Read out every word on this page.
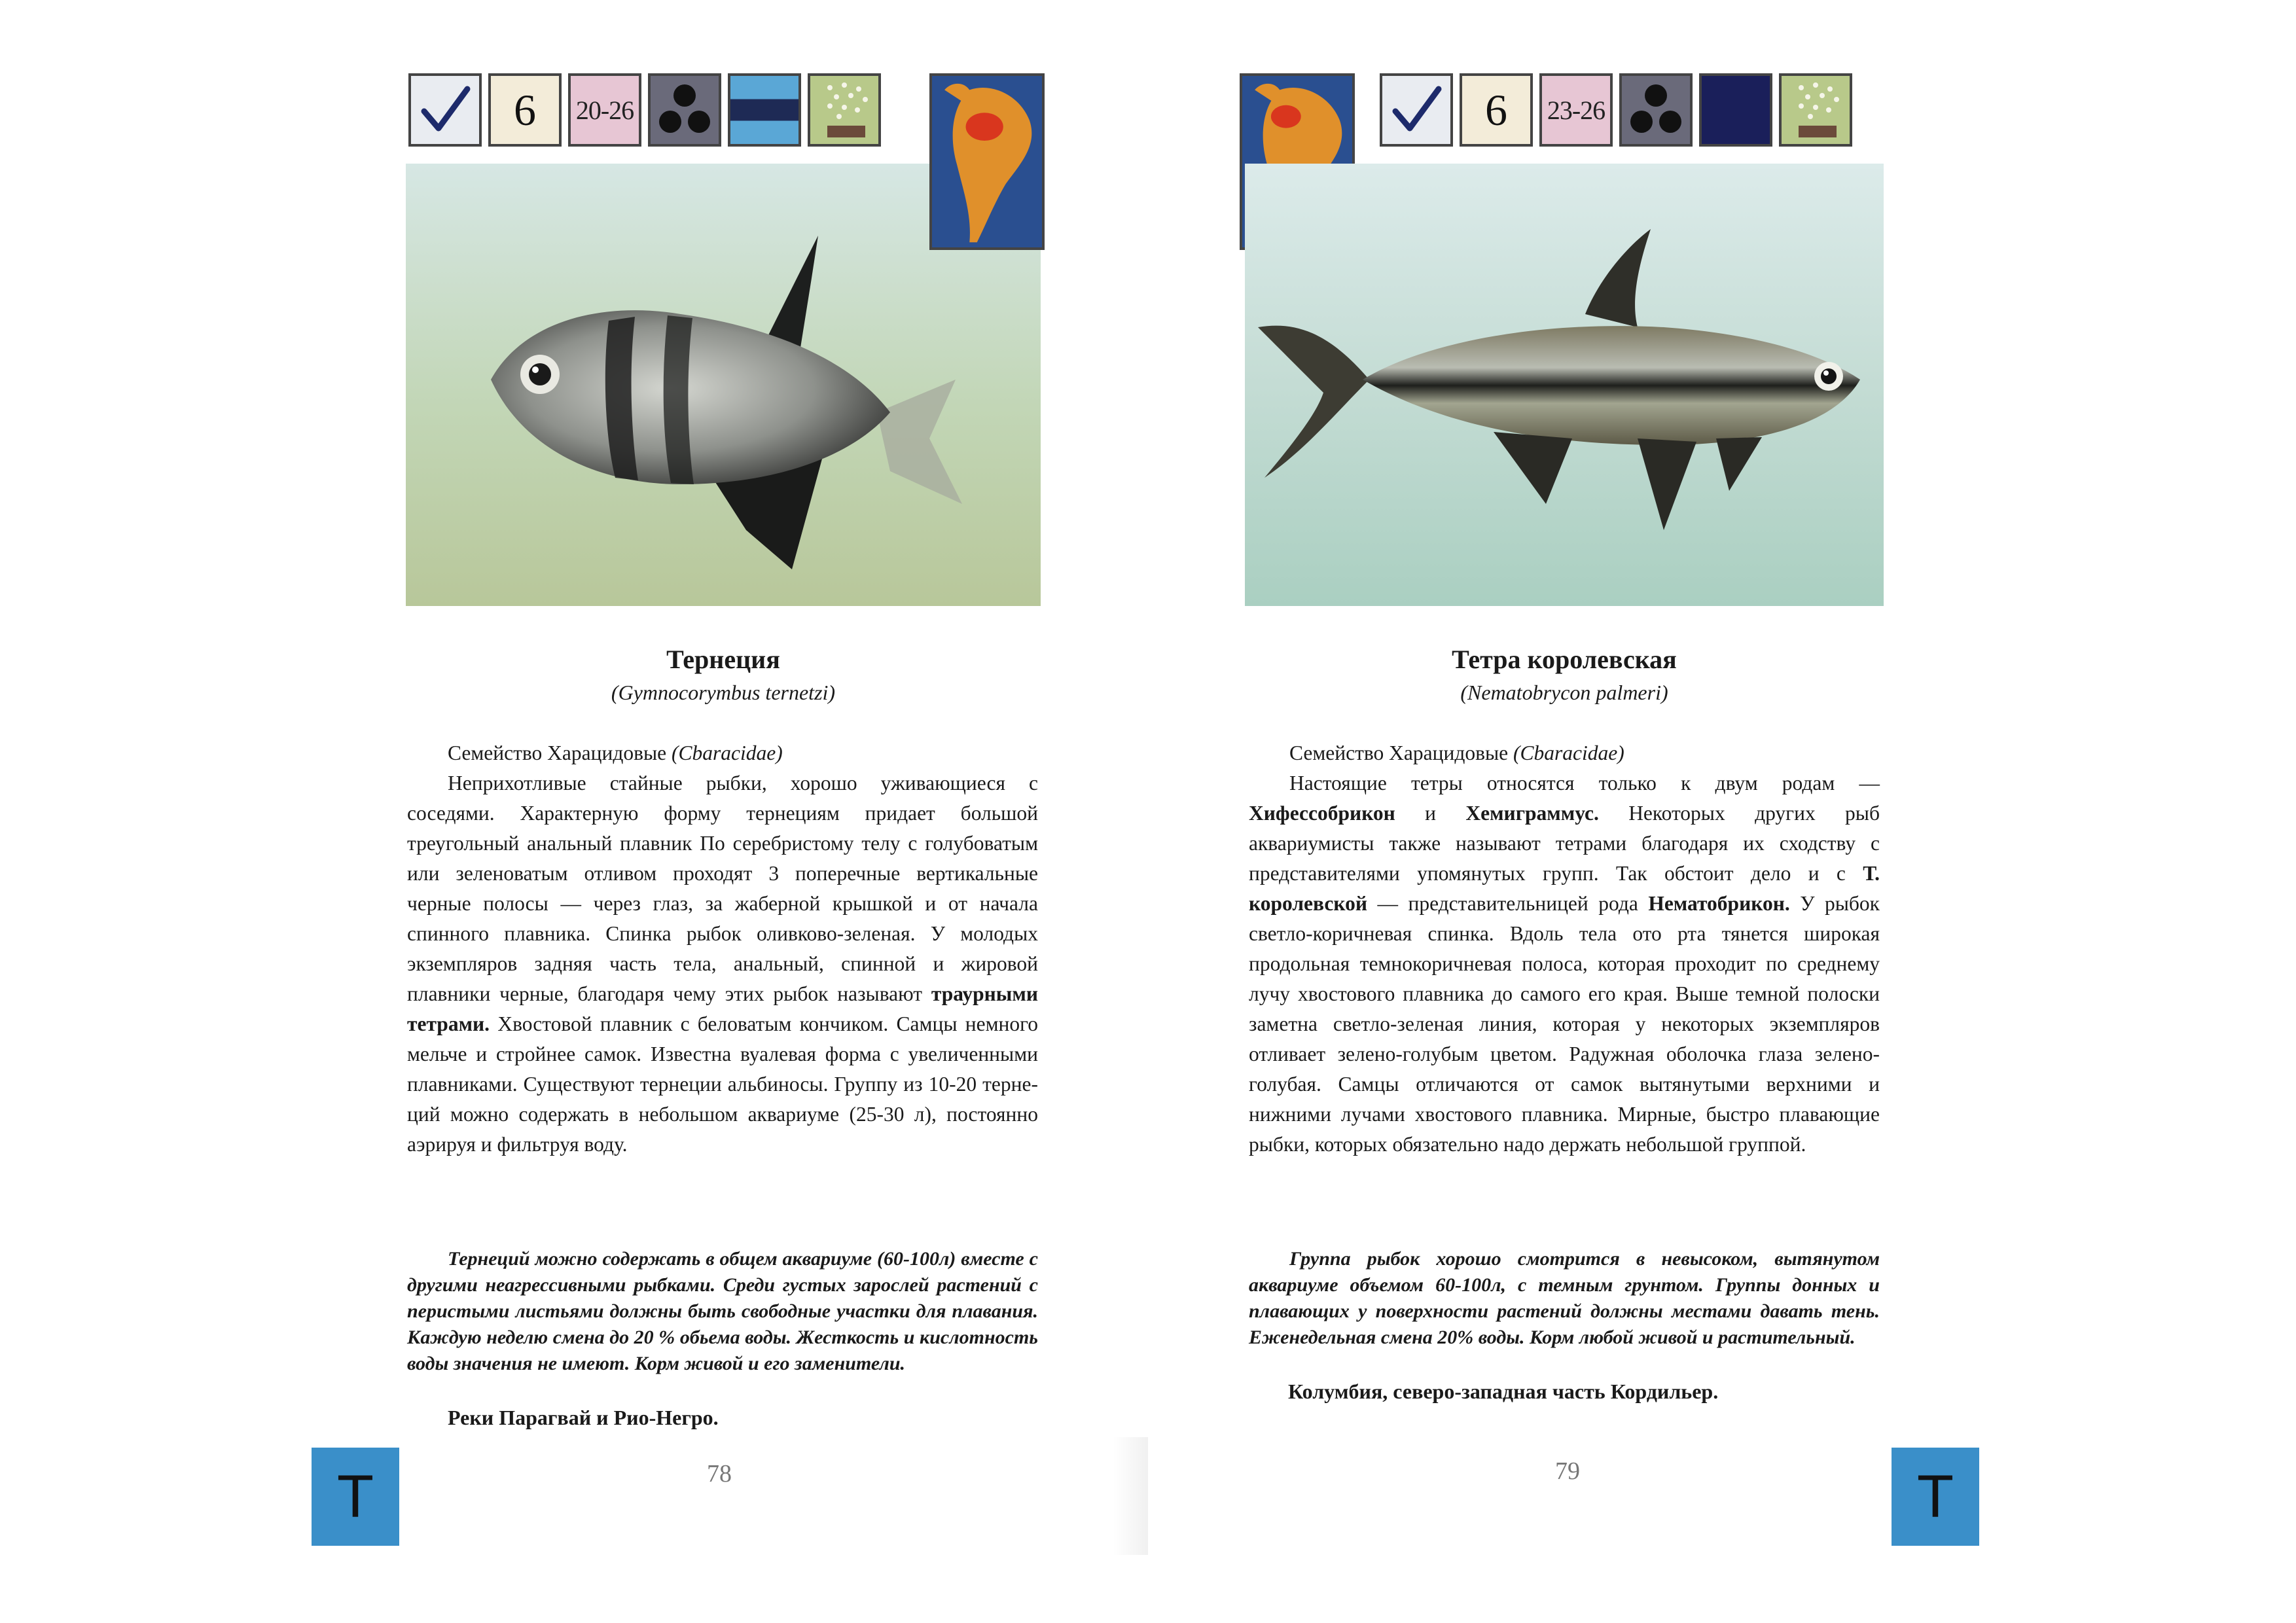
6	20-26
Тернеция
(Gymnocorymbus ternetzi)

Семейство Харацидовые (Cbaracidae)

Неприхотливые стайные рыбки, хорошо уживающиеся с соседями. Характерную форму тернециям придает большой треугольный анальный плавник По серебристому телу с голубоватым или зеленоватым отливом проходят 3 поперечные вертикальные черные полосы — через глаз, за жаберной крышкой и от начала спинного плавника. Спинка рыбок оливково-зеленая. У молодых экземпляров задняя часть тела, анальный, спинной и жировой плавники черные, благодаря чему этих рыбок называют траурными тетрами. Хвостовой плавник с беловатым кончиком. Самцы немного мельче и стройнее самок. Известна вуалевая форма с увеличенными плавниками. Существуют тернеции альбиносы. Группу из 10-20 тернеций можно содержать в небольшом аквариуме (25-30 л), постоянно аэрируя и фильтруя воду.

Тернеций можно содержать в общем аквариуме (60-100л) вместе с другими неагрессивными рыбками. Среди густых зарослей растений с перистыми листьями должны быть свободные участки для плавания. Каждую неделю смена до 20 % обьема воды. Жесткость и кислотность воды значения не имеют. Корм живой и его заменители.

Реки Парагвай и Рио-Негро.
Т	78
6	23-26
Тетра королевская
(Nematobrycon palmeri)

Семейство Харацидовые (Cbaracidae)

Настоящие тетры относятся только к двум родам — Хифессобрикон и Хемиграммус. Некоторых других рыб аквариумисты также называют тетрами благодаря их сходству с представителями упомянутых групп. Так обстоит дело и с Т. королевской — представительницей рода Нематобрикон. У рыбок светло-коричневая спинка. Вдоль тела ото рта тянется широкая продольная темнокоричневая полоса, которая проходит по среднему лучу хвостового плавника до самого его края. Выше темной полоски заметна светло-зеленая линия, которая у некоторых экземпляров отливает зелено-голубым цветом. Радужная оболочка глаза зелено-голубая. Самцы отличаются от самок вытянутыми верхними и нижними лучами хвостового плавника. Мирные, быстро плавающие рыбки, которых обязательно надо держать небольшой группой.

Группа рыбок хорошо смотрится в невысоком, вытянутом аквариуме объемом 60-100л, с темным грунтом. Группы донных и плавающих у поверхности растений должны местами давать тень. Еженедельная смена 20% воды. Корм любой живой и растительный.

Колумбия, северо-западная часть Кордильер.
79	Т
